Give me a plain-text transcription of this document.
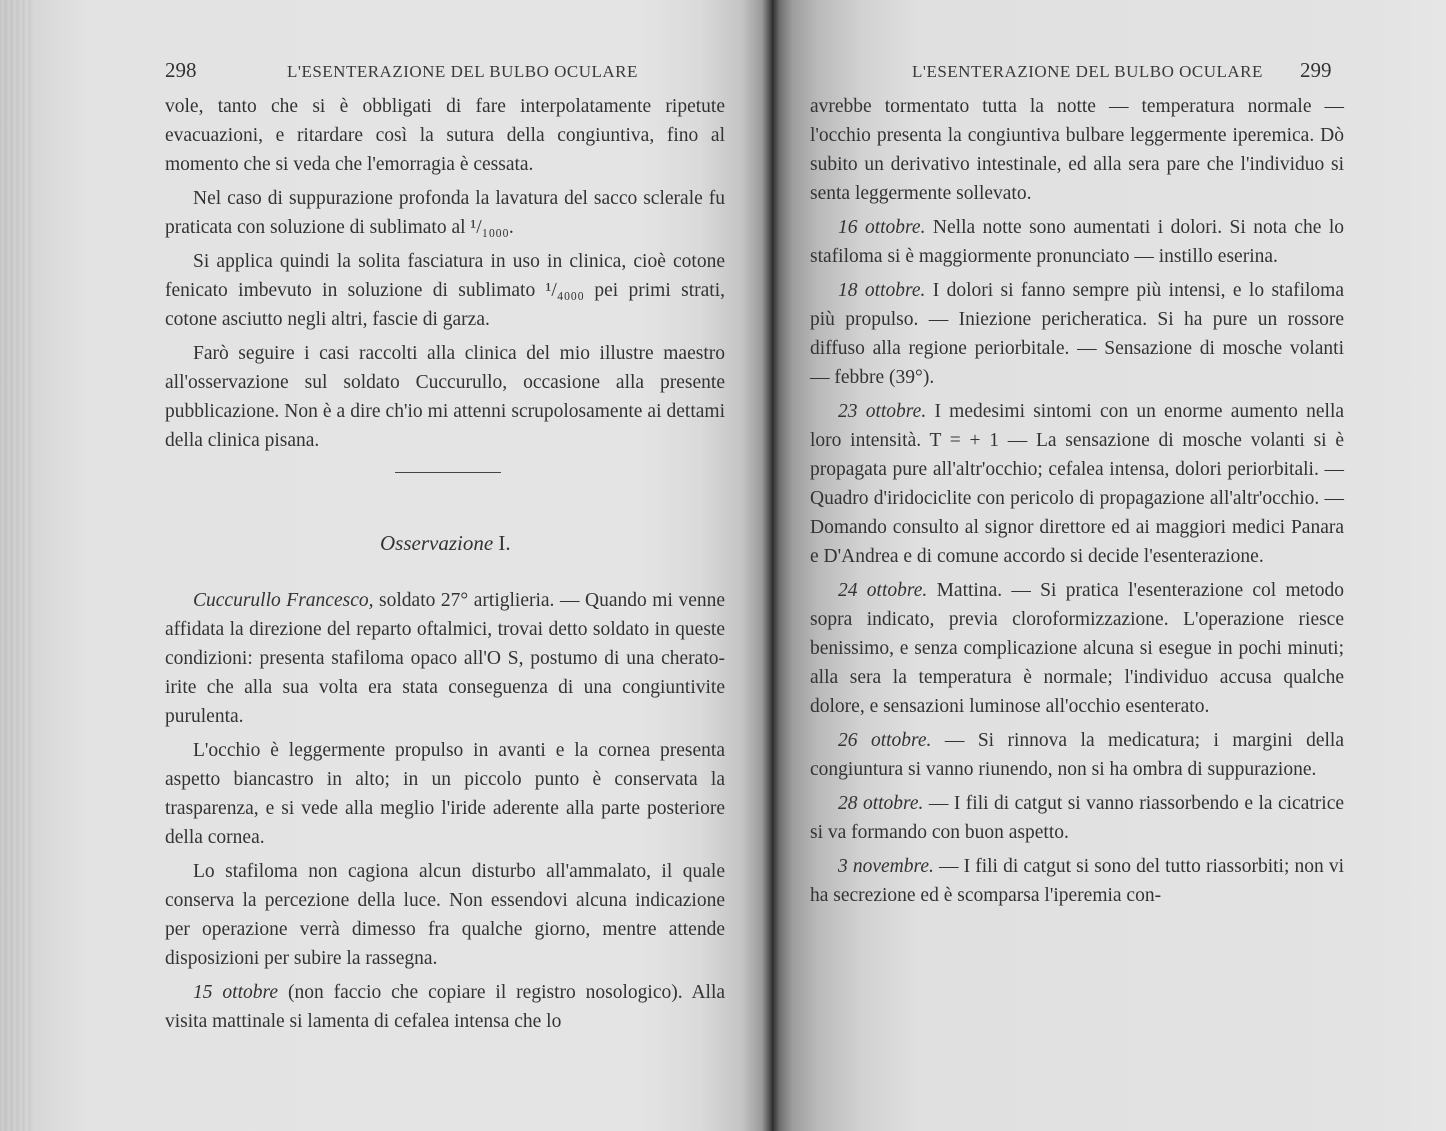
298	L'ESENTERAZIONE DEL BULBO OCULARE

vole, tanto che si è obbligati di fare interpolatamente ripetute evacuazioni, e ritardare così la sutura della congiuntiva, fino al momento che si veda che l'emorragia è cessata.

Nel caso di suppurazione profonda la lavatura del sacco sclerale fu praticata con soluzione di sublimato al ¹/₁₀₀₀.

Si applica quindi la solita fasciatura in uso in clinica, cioè cotone fenicato imbevuto in soluzione di sublimato ¹/₄₀₀₀ pei primi strati, cotone asciutto negli altri, fascie di garza.

Farò seguire i casi raccolti alla clinica del mio illustre maestro all'osservazione sul soldato Cuccurullo, occasione alla presente pubblicazione. Non è a dire ch'io mi attenni scrupolosamente ai dettami della clinica pisana.

Osservazione I.

Cuccurullo Francesco, soldato 27° artiglieria. — Quando mi venne affidata la direzione del reparto oftalmici, trovai detto soldato in queste condizioni: presenta stafiloma opaco all'O S, postumo di una cherato-irite che alla sua volta era stata conseguenza di una congiuntivite purulenta.

L'occhio è leggermente propulso in avanti e la cornea presenta aspetto biancastro in alto; in un piccolo punto è conservata la trasparenza, e si vede alla meglio l'iride aderente alla parte posteriore della cornea.

Lo stafiloma non cagiona alcun disturbo all'ammalato, il quale conserva la percezione della luce. Non essendovi alcuna indicazione per operazione verrà dimesso fra qualche giorno, mentre attende disposizioni per subire la rassegna.

15 ottobre (non faccio che copiare il registro nosologico). Alla visita mattinale si lamenta di cefalea intensa che lo

L'ESENTERAZIONE DEL BULBO OCULARE 299

avrebbe tormentato tutta la notte — temperatura normale — l'occhio presenta la congiuntiva bulbare leggermente iperemica. Dò subito un derivativo intestinale, ed alla sera pare che l'individuo si senta leggermente sollevato.

16 ottobre. Nella notte sono aumentati i dolori. Si nota che lo stafiloma si è maggiormente pronunciato — instillo eserina.

18 ottobre. I dolori si fanno sempre più intensi, e lo stafiloma più propulso. — Iniezione pericheratica. Si ha pure un rossore diffuso alla regione periorbitale. — Sensazione di mosche volanti — febbre (39°).

23 ottobre. I medesimi sintomi con un enorme aumento nella loro intensità. T = + 1 — La sensazione di mosche volanti si è propagata pure all'altr'occhio; cefalea intensa, dolori periorbitali. — Quadro d'iridociclite con pericolo di propagazione all'altr'occhio. — Domando consulto al signor direttore ed ai maggiori medici Panara e D'Andrea e di comune accordo si decide l'esenterazione.

24 ottobre. Mattina. — Si pratica l'esenterazione col metodo sopra indicato, previa cloroformizzazione. L'operazione riesce benissimo, e senza complicazione alcuna si esegue in pochi minuti; alla sera la temperatura è normale; l'individuo accusa qualche dolore, e sensazioni luminose all'occhio esenterato.

26 ottobre. — Si rinnova la medicatura; i margini della congiuntura si vanno riunendo, non si ha ombra di suppurazione.

28 ottobre. — I fili di catgut si vanno riassorbendo e la cicatrice si va formando con buon aspetto.

3 novembre. — I fili di catgut si sono del tutto riassorbiti; non vi ha secrezione ed è scomparsa l'iperemia con-
